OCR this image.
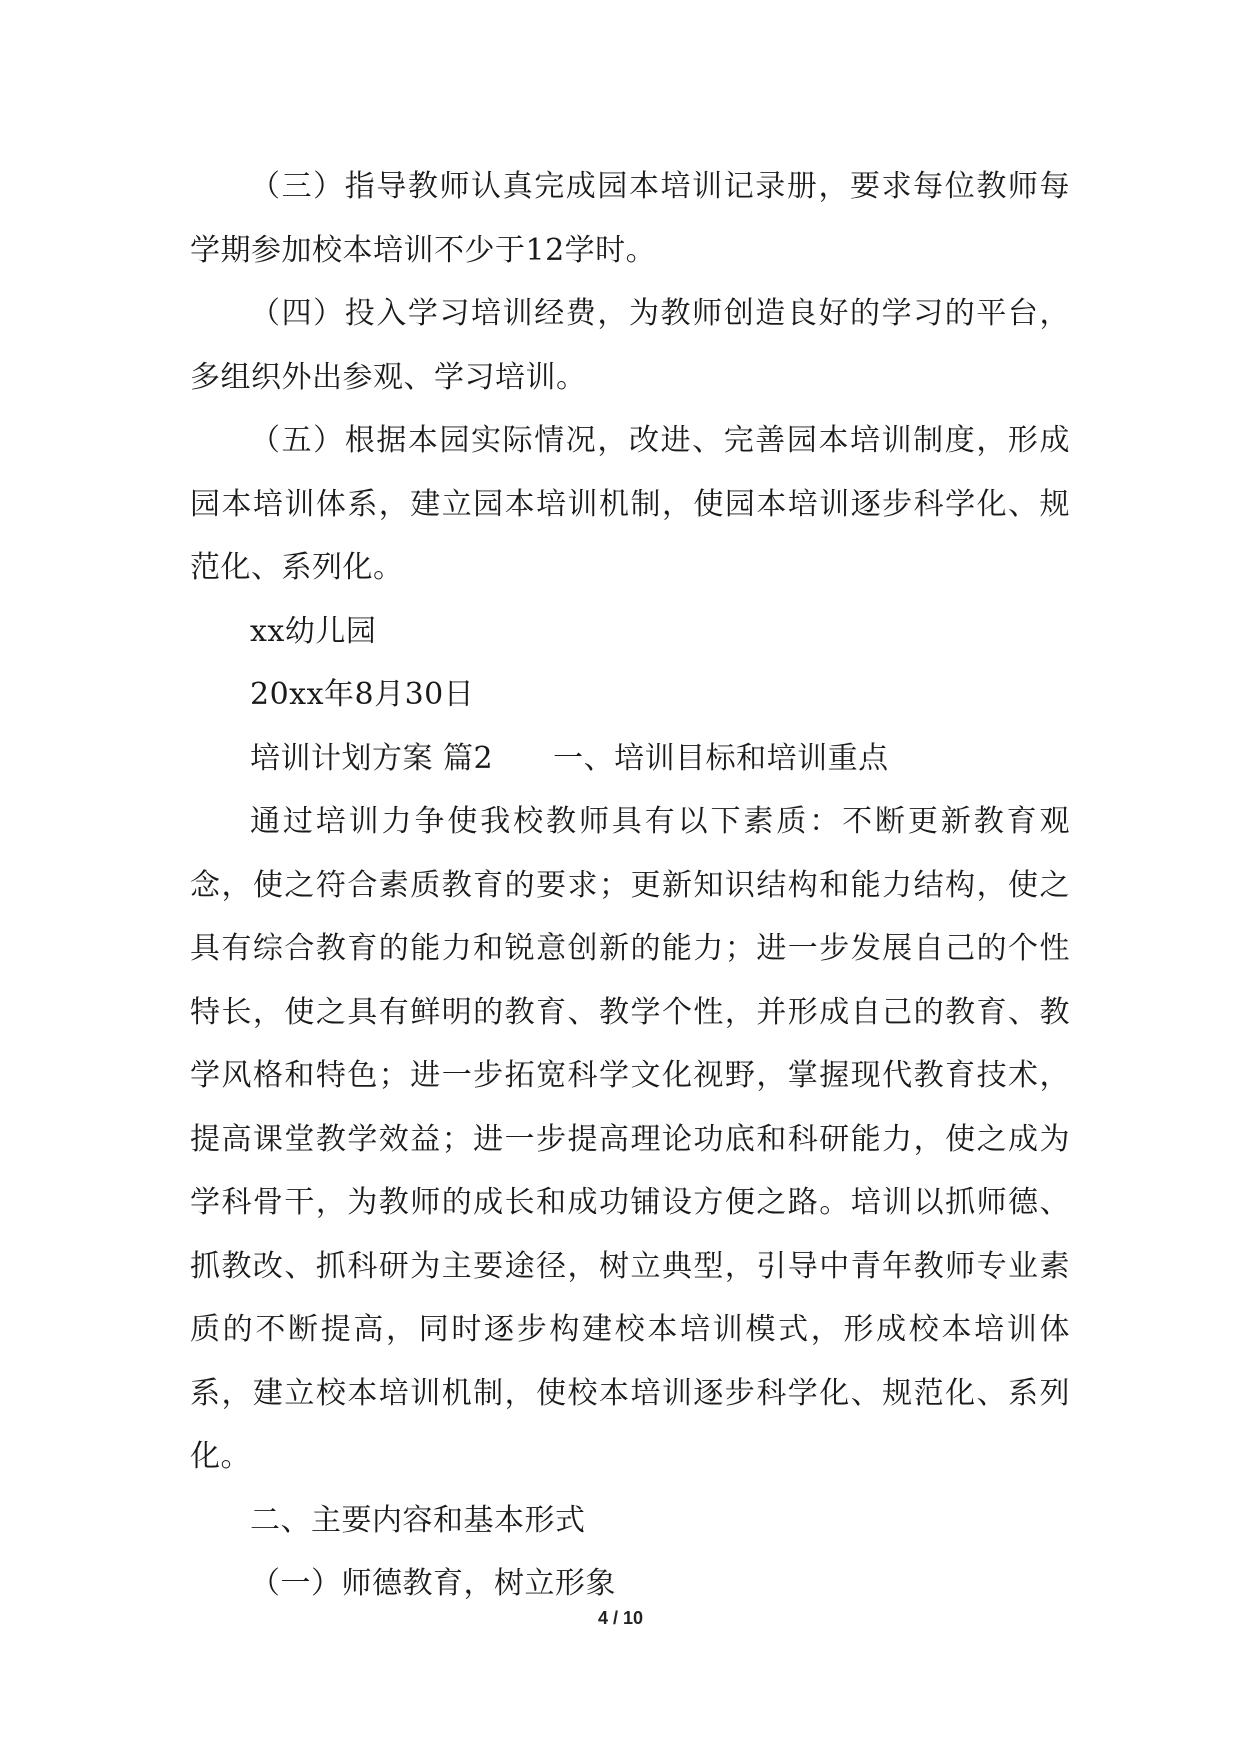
（三）指导教师认真完成园本培训记录册，要求每位教师每学期参加校本培训不少于12学时。

（四）投入学习培训经费，为教师创造良好的学习的平台，多组织外出参观、学习培训。

（五）根据本园实际情况，改进、完善园本培训制度，形成园本培训体系，建立园本培训机制，使园本培训逐步科学化、规范化、系列化。

xx幼儿园

20xx年8月30日

培训计划方案 篇2 一、培训目标和培训重点

通过培训力争使我校教师具有以下素质：不断更新教育观念，使之符合素质教育的要求；更新知识结构和能力结构，使之具有综合教育的能力和锐意创新的能力；进一步发展自己的个性特长，使之具有鲜明的教育、教学个性，并形成自己的教育、教学风格和特色；进一步拓宽科学文化视野，掌握现代教育技术，提高课堂教学效益；进一步提高理论功底和科研能力，使之成为学科骨干，为教师的成长和成功铺设方便之路。培训以抓师德、抓教改、抓科研为主要途径，树立典型，引导中青年教师专业素质的不断提高，同时逐步构建校本培训模式，形成校本培训体系，建立校本培训机制，使校本培训逐步科学化、规范化、系列化。

二、主要内容和基本形式

（一）师德教育，树立形象

4 / 10
